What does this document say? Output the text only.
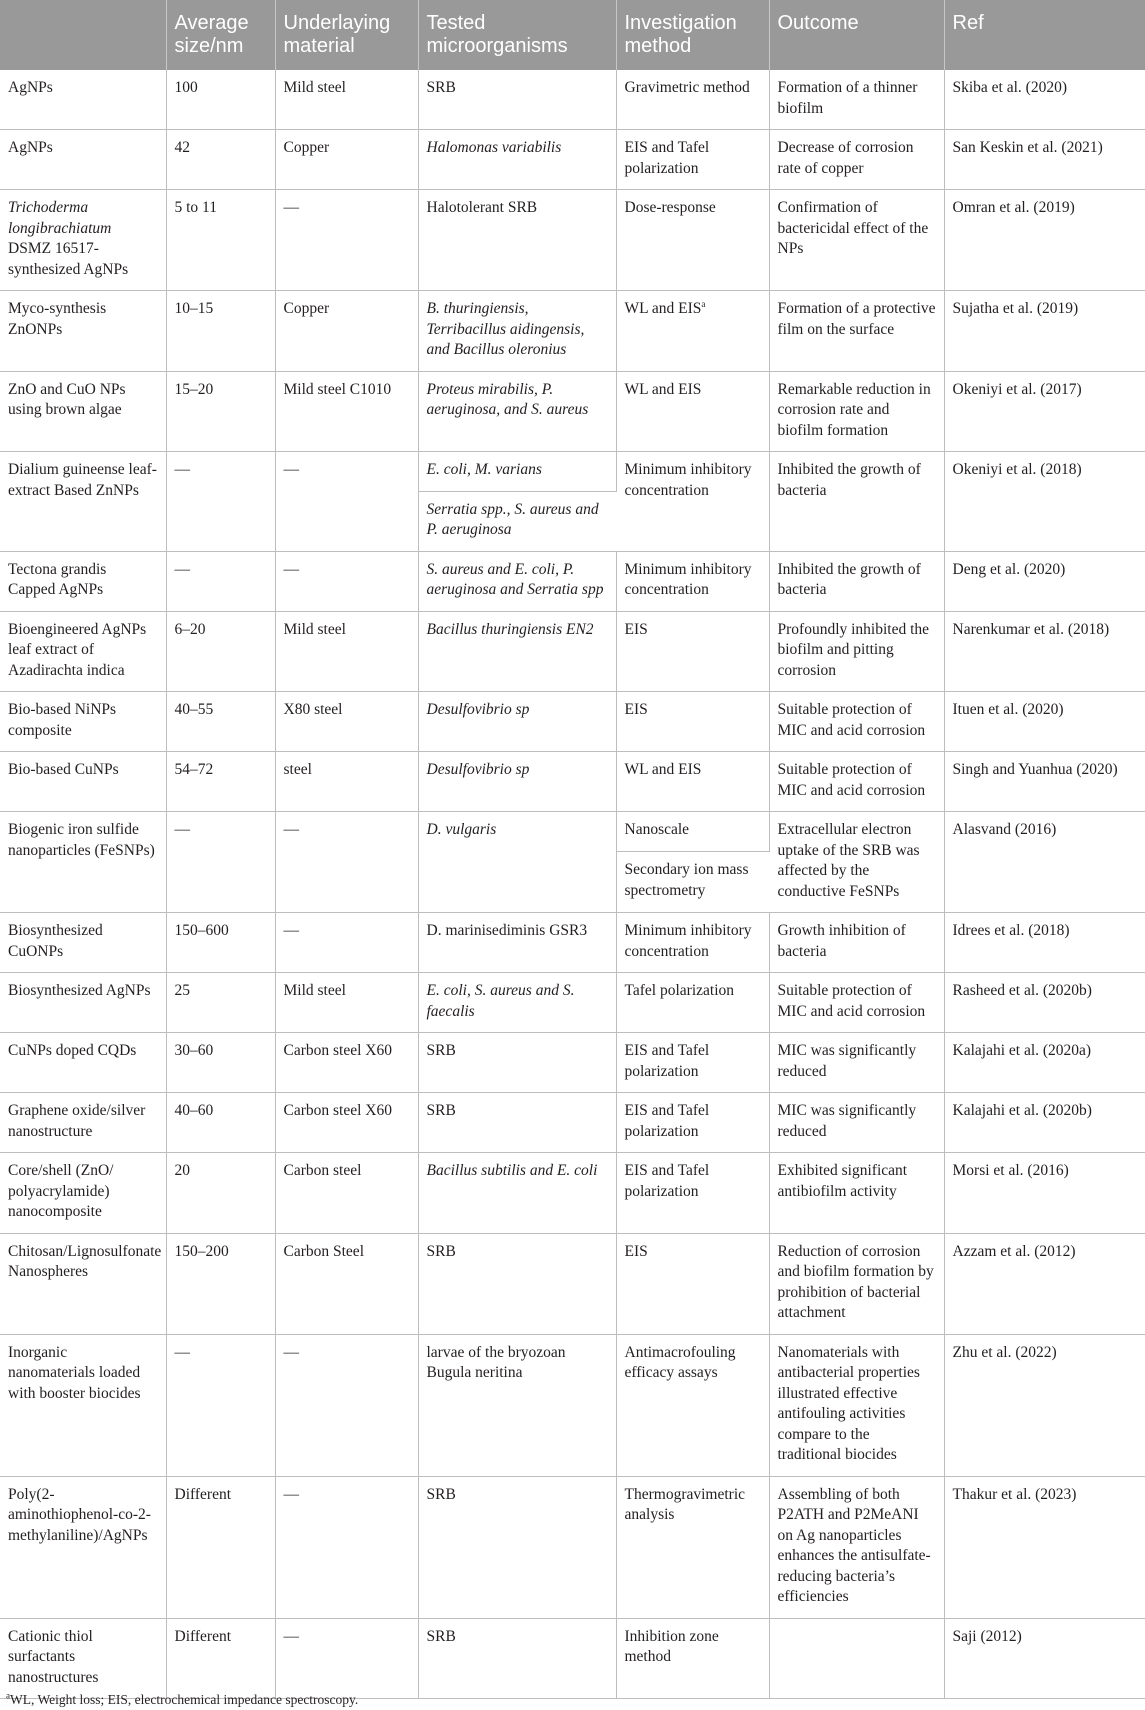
	Average size/nm	Underlaying material	Tested microorganisms	Investigation method	Outcome	Ref
AgNPs	100	Mild steel	SRB	Gravimetric method	Formation of a thinner biofilm	Skiba et al. (2020)
AgNPs	42	Copper	Halomonas variabilis	EIS and Tafel polarization	Decrease of corrosion rate of copper	San Keskin et al. (2021)
Trichoderma longibrachiatum DSMZ 16517-synthesized AgNPs	5 to 11	—	Halotolerant SRB	Dose-response	Confirmation of bactericidal effect of the NPs	Omran et al. (2019)
Myco-synthesis ZnONPs	10–15	Copper	B. thuringiensis, Terribacillus aidingensis, and Bacillus oleronius	WL and EIS$^a$	Formation of a protective film on the surface	Sujatha et al. (2019)
ZnO and CuO NPs using brown algae	15–20	Mild steel C1010	Proteus mirabilis, P. aeruginosa, and S. aureus	WL and EIS	Remarkable reduction in corrosion rate and biofilm formation	Okeniyi et al. (2017)
Dialium guineense leaf-extract Based ZnNPs	—	—	E. coli, M. varians	Minimum inhibitory concentration	Inhibited the growth of bacteria	Okeniyi et al. (2018)
			Serratia spp., S. aureus and P. aeruginosa			
Tectona grandis Capped AgNPs	—	—	S. aureus and E. coli, P. aeruginosa and Serratia spp	Minimum inhibitory concentration	Inhibited the growth of bacteria	Deng et al. (2020)
Bioengineered AgNPs leaf extract of Azadirachta indica	6–20	Mild steel	Bacillus thuringiensis EN2	EIS	Profoundly inhibited the biofilm and pitting corrosion	Narenkumar et al. (2018)
Bio-based NiNPs composite	40–55	X80 steel	Desulfovibrio sp	EIS	Suitable protection of MIC and acid corrosion	Ituen et al. (2020)
Bio-based CuNPs	54–72	steel	Desulfovibrio sp	WL and EIS	Suitable protection of MIC and acid corrosion	Singh and Yuanhua (2020)
Biogenic iron sulfide nanoparticles (FeSNPs)	—	—	D. vulgaris	Nanoscale	Extracellular electron uptake of the SRB was affected by the conductive FeSNPs	Alasvand (2016)
				Secondary ion mass spectrometry		
Biosynthesized CuONPs	150–600	—	D. marinisediminis GSR3	Minimum inhibitory concentration	Growth inhibition of bacteria	Idrees et al. (2018)
Biosynthesized AgNPs	25	Mild steel	E. coli, S. aureus and S. faecalis	Tafel polarization	Suitable protection of MIC and acid corrosion	Rasheed et al. (2020b)
CuNPs doped CQDs	30–60	Carbon steel X60	SRB	EIS and Tafel polarization	MIC was significantly reduced	Kalajahi et al. (2020a)
Graphene oxide/silver nanostructure	40–60	Carbon steel X60	SRB	EIS and Tafel polarization	MIC was significantly reduced	Kalajahi et al. (2020b)
Core/shell (ZnO/ polyacrylamide) nanocomposite	20	Carbon steel	Bacillus subtilis and E. coli	EIS and Tafel polarization	Exhibited significant antibiofilm activity	Morsi et al. (2016)
Chitosan/Lignosulfonate Nanospheres	150–200	Carbon Steel	SRB	EIS	Reduction of corrosion and biofilm formation by prohibition of bacterial attachment	Azzam et al. (2012)
Inorganic nanomaterials loaded with booster biocides	—	—	larvae of the bryozoan Bugula neritina	Antimacrofouling efficacy assays	Nanomaterials with antibacterial properties illustrated effective antifouling activities compare to the traditional biocides	Zhu et al. (2022)
Poly(2-aminothiophenol-co-2-methylaniline)/AgNPs	Different	—	SRB	Thermogravimetric analysis	Assembling of both P2ATH and P2MeANI on Ag nanoparticles enhances the antisulfate-reducing bacteria’s efficiencies	Thakur et al. (2023)
Cationic thiol surfactants nanostructures	Different	—	SRB	Inhibition zone method		Saji (2012)
$^a$WL, Weight loss; EIS, electrochemical impedance spectroscopy.
